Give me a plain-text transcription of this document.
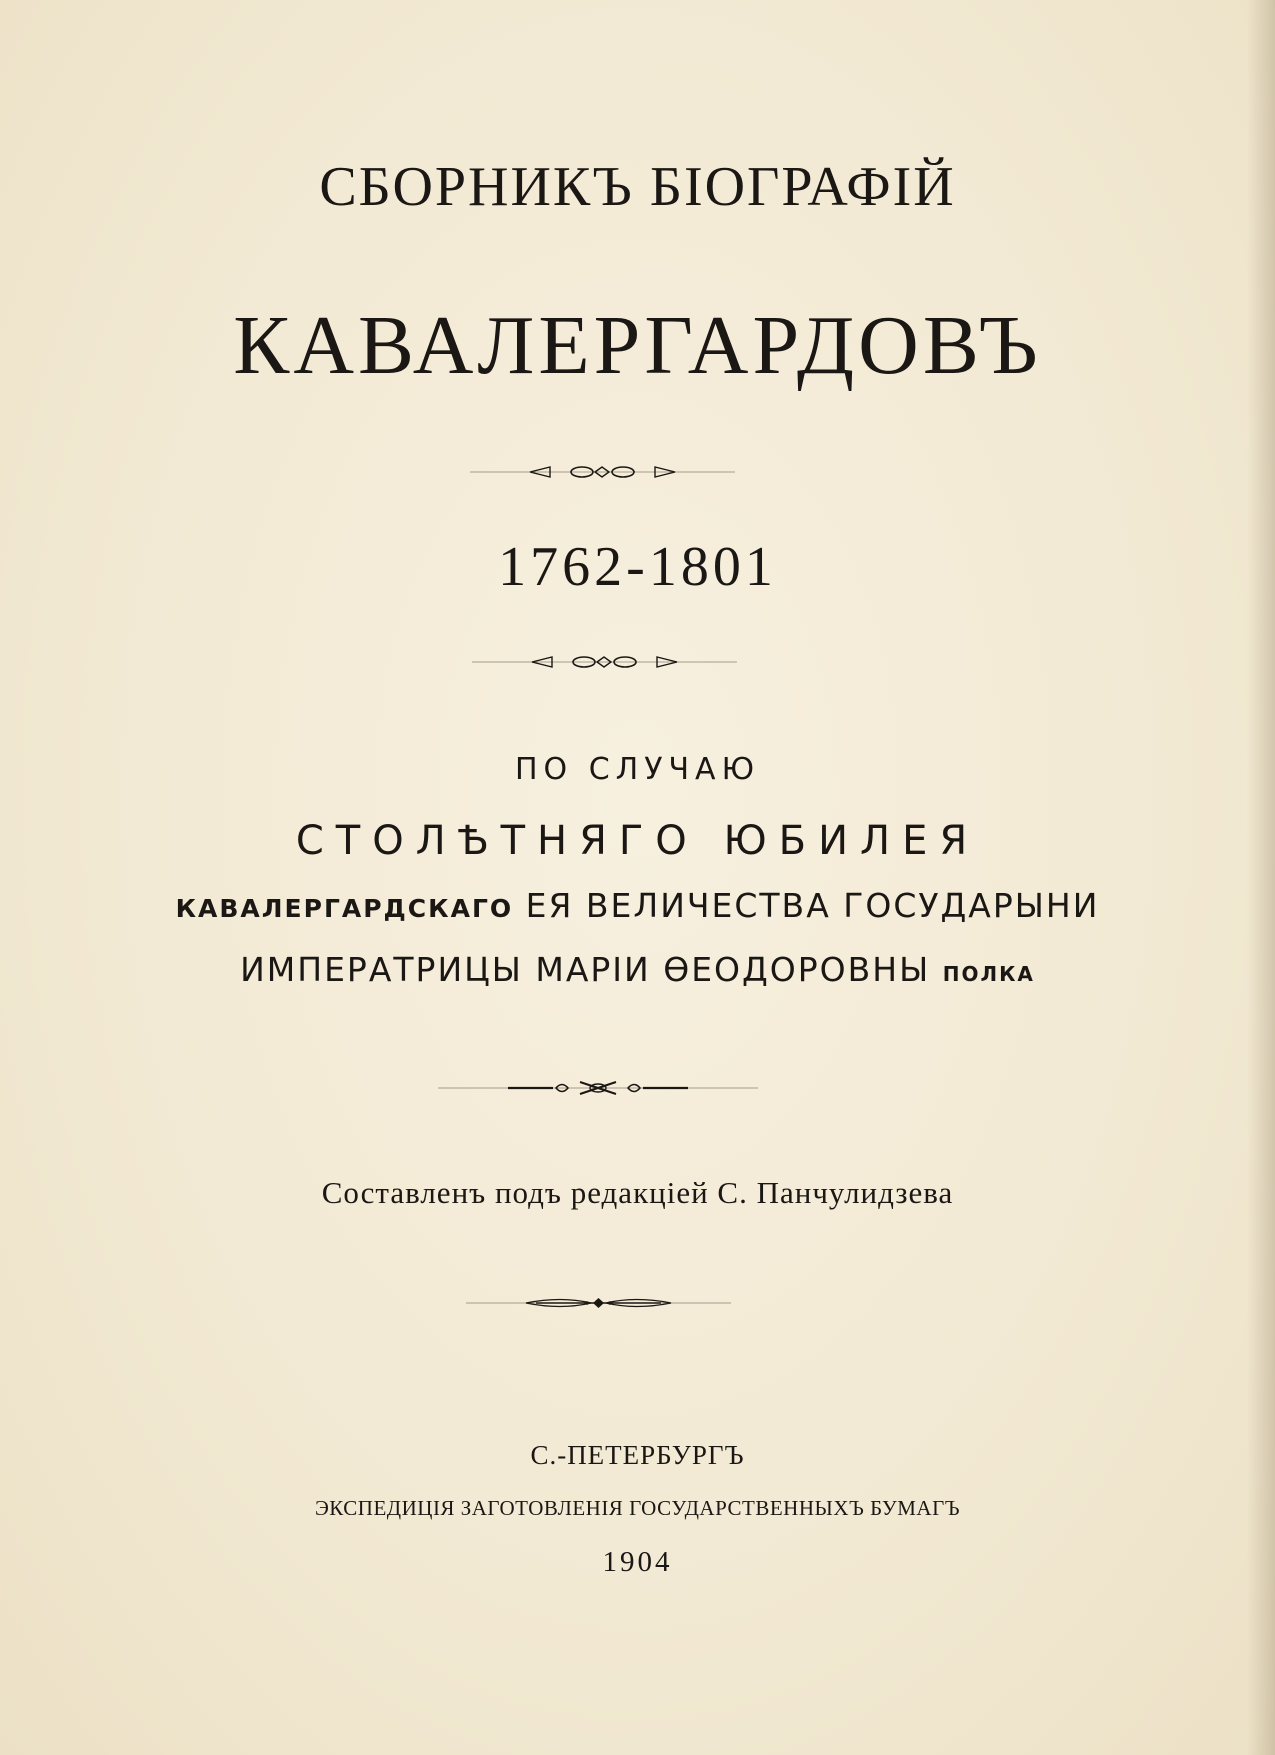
СБОРНИКЪ БІОГРАФІЙ
КАВАЛЕРГАРДОВЪ
1762-1801
ПО СЛУЧАЮ
СТОЛѢТНЯГО ЮБИЛЕЯ
КАВАЛЕРГАРДСКАГО ЕЯ ВЕЛИЧЕСТВА ГОСУДАРЫНИ
ИМПЕРАТРИЦЫ МАРІИ ѲЕОДОРОВНЫ ПОЛКА
Составленъ подъ редакціей С. Панчулидзева
С.-ПЕТЕРБУРГЪ
ЭКСПЕДИЦІЯ ЗАГОТОВЛЕНІЯ ГОСУДАРСТВЕННЫХЪ БУМАГЪ
1904
